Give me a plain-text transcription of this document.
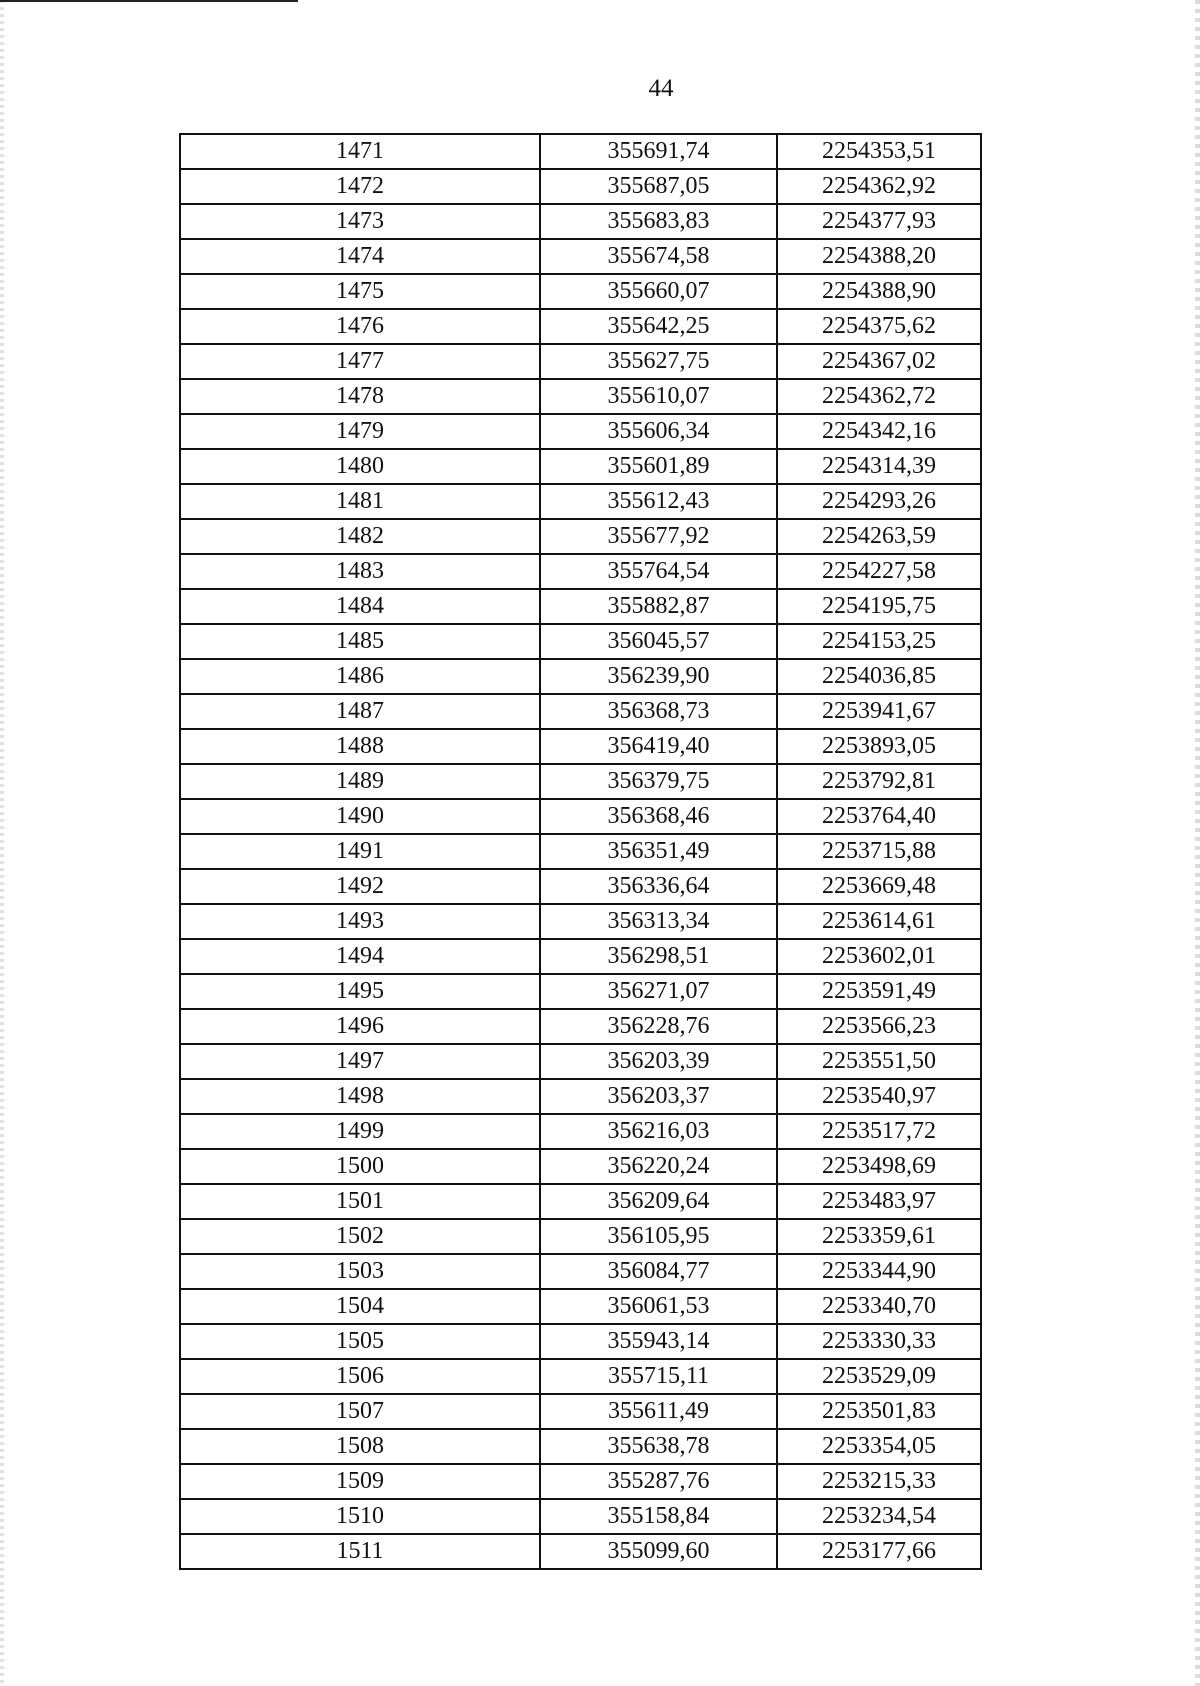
44
1471	355691,74	2254353,51
1472	355687,05	2254362,92
1473	355683,83	2254377,93
1474	355674,58	2254388,20
1475	355660,07	2254388,90
1476	355642,25	2254375,62
1477	355627,75	2254367,02
1478	355610,07	2254362,72
1479	355606,34	2254342,16
1480	355601,89	2254314,39
1481	355612,43	2254293,26
1482	355677,92	2254263,59
1483	355764,54	2254227,58
1484	355882,87	2254195,75
1485	356045,57	2254153,25
1486	356239,90	2254036,85
1487	356368,73	2253941,67
1488	356419,40	2253893,05
1489	356379,75	2253792,81
1490	356368,46	2253764,40
1491	356351,49	2253715,88
1492	356336,64	2253669,48
1493	356313,34	2253614,61
1494	356298,51	2253602,01
1495	356271,07	2253591,49
1496	356228,76	2253566,23
1497	356203,39	2253551,50
1498	356203,37	2253540,97
1499	356216,03	2253517,72
1500	356220,24	2253498,69
1501	356209,64	2253483,97
1502	356105,95	2253359,61
1503	356084,77	2253344,90
1504	356061,53	2253340,70
1505	355943,14	2253330,33
1506	355715,11	2253529,09
1507	355611,49	2253501,83
1508	355638,78	2253354,05
1509	355287,76	2253215,33
1510	355158,84	2253234,54
1511	355099,60	2253177,66
